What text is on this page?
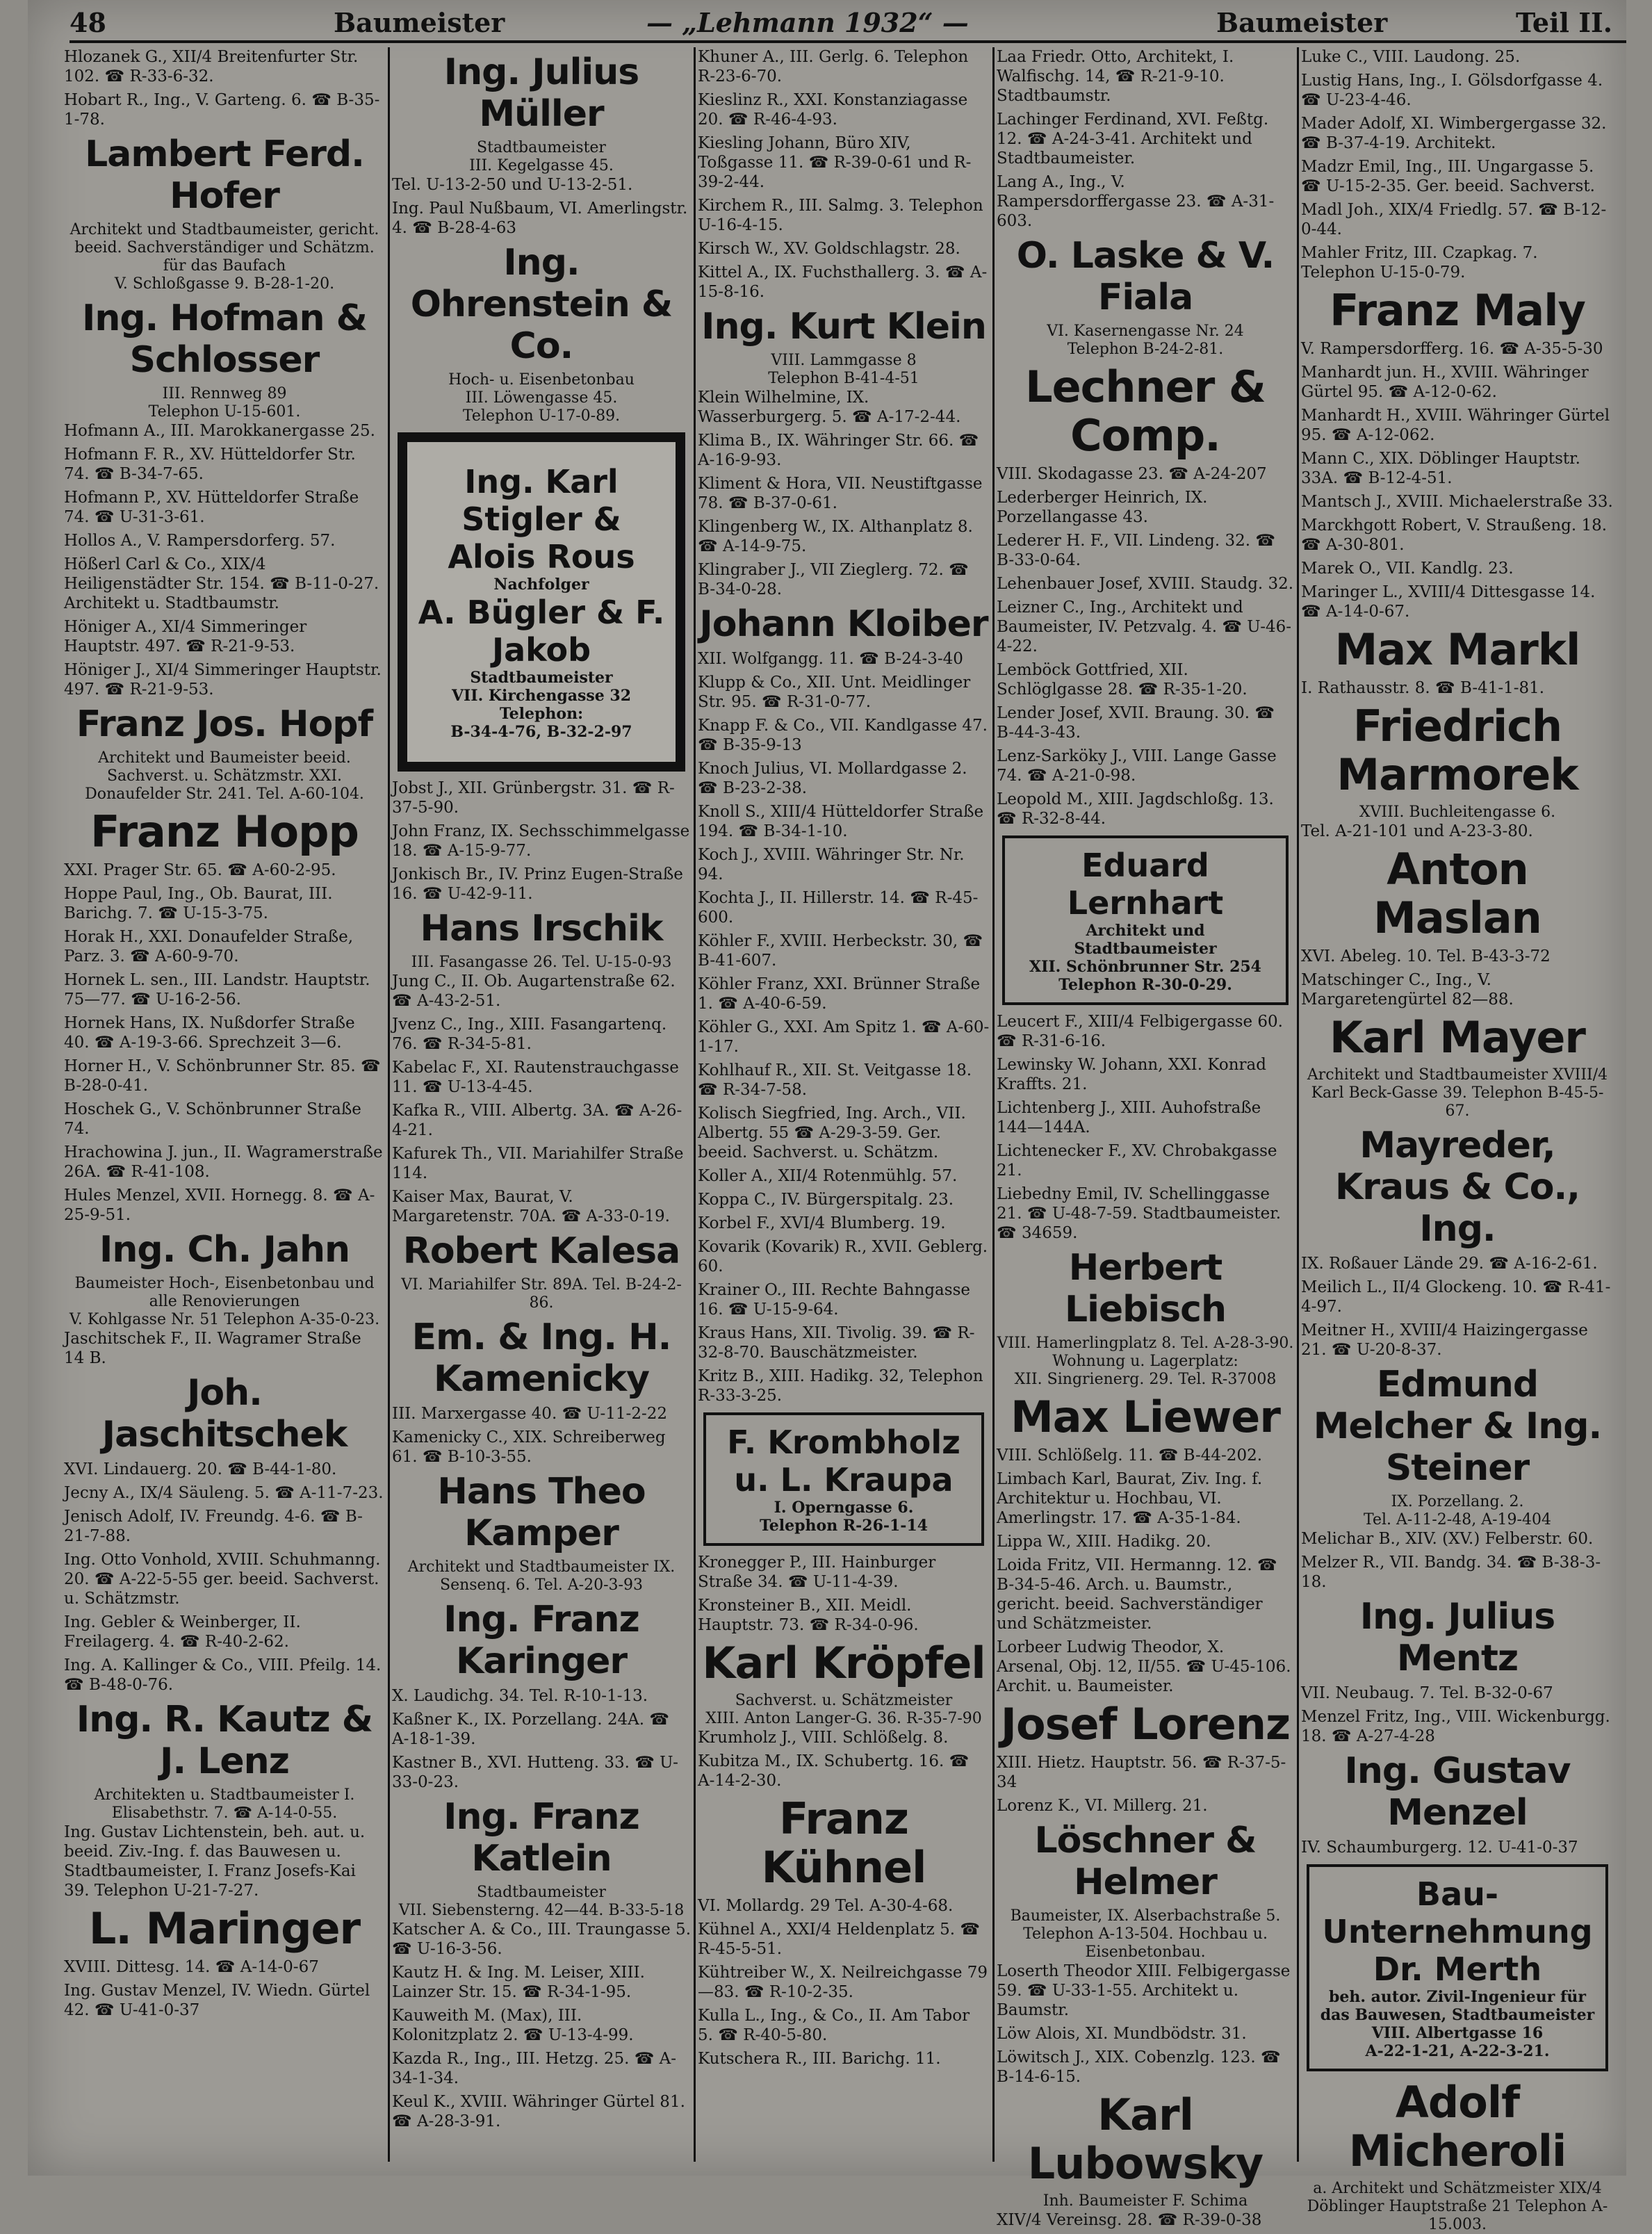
48	Baumeister	— „Lehmann 1932“ —	Baumeister	Teil II.
Hlozanek G., XII/4 Breitenfurter Str. 102. ☎ R-33-6-32.
Hobart R., Ing., V. Garteng. 6. ☎ B-35-1-78.
Lambert Ferd. Hofer
Architekt und Stadtbaumeister, gericht. beeid. Sachverständiger und Schätzm. für das Baufach
V. Schloßgasse 9. B-28-1-20.
Ing. Hofman & Schlosser
III. Rennweg 89
Telephon U-15-601.
Hofmann A., III. Marokkanergasse 25.
Hofmann F. R., XV. Hütteldorfer Str. 74. ☎ B-34-7-65.
Hofmann P., XV. Hütteldorfer Straße 74. ☎ U-31-3-61.
Hollos A., V. Rampersdorferg. 57.
Hößerl Carl & Co., XIX/4 Heiligenstädter Str. 154. ☎ B-11-0-27. Architekt u. Stadtbaumstr.
Höniger A., XI/4 Simmeringer Hauptstr. 497. ☎ R-21-9-53.
Höniger J., XI/4 Simmeringer Hauptstr. 497. ☎ R-21-9-53.
Franz Jos. Hopf
Architekt und Baumeister beeid. Sachverst. u. Schätzmstr. XXI. Donaufelder Str. 241. Tel. A-60-104.
Franz Hopp
XXI. Prager Str. 65. ☎ A-60-2-95.
Hoppe Paul, Ing., Ob. Baurat, III. Barichg. 7. ☎ U-15-3-75.
Horak H., XXI. Donaufelder Straße, Parz. 3. ☎ A-60-9-70.
Hornek L. sen., III. Landstr. Hauptstr. 75—77. ☎ U-16-2-56.
Hornek Hans, IX. Nußdorfer Straße 40. ☎ A-19-3-66. Sprechzeit 3—6.
Horner H., V. Schönbrunner Str. 85. ☎ B-28-0-41.
Hoschek G., V. Schönbrunner Straße 74.
Hrachowina J. jun., II. Wagramerstraße 26A. ☎ R-41-108.
Hules Menzel, XVII. Hornegg. 8. ☎ A-25-9-51.
Ing. Ch. Jahn
Baumeister Hoch-, Eisenbetonbau und alle Renovierungen
V. Kohlgasse Nr. 51 Telephon A-35-0-23.
Jaschitschek F., II. Wagramer Straße 14 B.
Joh. Jaschitschek
XVI. Lindauerg. 20. ☎ B-44-1-80.
Jecny A., IX/4 Säuleng. 5. ☎ A-11-7-23.
Jenisch Adolf, IV. Freundg. 4-6. ☎ B-21-7-88.
Ing. Otto Vonhold, XVIII. Schuhmanng. 20. ☎ A-22-5-55 ger. beeid. Sachverst. u. Schätzmstr.
Ing. Gebler & Weinberger, II. Freilagerg. 4. ☎ R-40-2-62.
Ing. A. Kallinger & Co., VIII. Pfeilg. 14. ☎ B-48-0-76.
Ing. R. Kautz & J. Lenz
Architekten u. Stadtbaumeister I. Elisabethstr. 7. ☎ A-14-0-55.
Ing. Gustav Lichtenstein, beh. aut. u. beeid. Ziv.-Ing. f. das Bauwesen u. Stadtbaumeister, I. Franz Josefs-Kai 39. Telephon U-21-7-27.
L. Maringer
XVIII. Dittesg. 14. ☎ A-14-0-67
Ing. Gustav Menzel, IV. Wiedn. Gürtel 42. ☎ U-41-0-37
Ing. Julius Müller
Stadtbaumeister
III. Kegelgasse 45.
Tel. U-13-2-50 und U-13-2-51.
Ing. Paul Nußbaum, VI. Amerlingstr. 4. ☎ B-28-4-63
Ing. Ohrenstein & Co.
Hoch- u. Eisenbetonbau
III. Löwengasse 45.
Telephon U-17-0-89.
Ing. Karl Stigler & Alois Rous
Nachfolger
A. Bügler & F. Jakob
Stadtbaumeister
VII. Kirchengasse 32
Telephon:
B-34-4-76, B-32-2-97
Jobst J., XII. Grünbergstr. 31. ☎ R-37-5-90.
John Franz, IX. Sechsschimmelgasse 18. ☎ A-15-9-77.
Jonkisch Br., IV. Prinz Eugen-Straße 16. ☎ U-42-9-11.
Hans Irschik
III. Fasangasse 26. Tel. U-15-0-93
Jung C., II. Ob. Augartenstraße 62. ☎ A-43-2-51.
Jvenz C., Ing., XIII. Fasangartenq. 76. ☎ R-34-5-81.
Kabelac F., XI. Rautenstrauchgasse 11. ☎ U-13-4-45.
Kafka R., VIII. Albertg. 3A. ☎ A-26-4-21.
Kafurek Th., VII. Mariahilfer Straße 114.
Kaiser Max, Baurat, V. Margaretenstr. 70A. ☎ A-33-0-19.
Robert Kalesa
VI. Mariahilfer Str. 89A. Tel. B-24-2-86.
Em. & Ing. H. Kamenicky
III. Marxergasse 40. ☎ U-11-2-22
Kamenicky C., XIX. Schreiberweg 61. ☎ B-10-3-55.
Hans Theo Kamper
Architekt und Stadtbaumeister IX. Sensenq. 6. Tel. A-20-3-93
Ing. Franz Karinger
X. Laudichg. 34. Tel. R-10-1-13.
Kaßner K., IX. Porzellang. 24A. ☎ A-18-1-39.
Kastner B., XVI. Hutteng. 33. ☎ U-33-0-23.
Ing. Franz Katlein
Stadtbaumeister
VII. Siebensterng. 42—44. B-33-5-18
Katscher A. & Co., III. Traungasse 5. ☎ U-16-3-56.
Kautz H. & Ing. M. Leiser, XIII. Lainzer Str. 15. ☎ R-34-1-95.
Kauweith M. (Max), III. Kolonitzplatz 2. ☎ U-13-4-99.
Kazda R., Ing., III. Hetzg. 25. ☎ A-34-1-34.
Keul K., XVIII. Währinger Gürtel 81. ☎ A-28-3-91.
Khuner A., III. Gerlg. 6. Telephon R-23-6-70.
Kieslinz R., XXI. Konstanziagasse 20. ☎ R-46-4-93.
Kiesling Johann, Büro XIV, Toßgasse 11. ☎ R-39-0-61 und R-39-2-44.
Kirchem R., III. Salmg. 3. Telephon U-16-4-15.
Kirsch W., XV. Goldschlagstr. 28.
Kittel A., IX. Fuchsthallerg. 3. ☎ A-15-8-16.
Ing. Kurt Klein
VIII. Lammgasse 8
Telephon B-41-4-51
Klein Wilhelmine, IX. Wasserburgerg. 5. ☎ A-17-2-44.
Klima B., IX. Währinger Str. 66. ☎ A-16-9-93.
Kliment & Hora, VII. Neustiftgasse 78. ☎ B-37-0-61.
Klingenberg W., IX. Althanplatz 8. ☎ A-14-9-75.
Klingraber J., VII Zieglerg. 72. ☎ B-34-0-28.
Johann Kloiber
XII. Wolfgangg. 11. ☎ B-24-3-40
Klupp & Co., XII. Unt. Meidlinger Str. 95. ☎ R-31-0-77.
Knapp F. & Co., VII. Kandlgasse 47. ☎ B-35-9-13
Knoch Julius, VI. Mollardgasse 2. ☎ B-23-2-38.
Knoll S., XIII/4 Hütteldorfer Straße 194. ☎ B-34-1-10.
Koch J., XVIII. Währinger Str. Nr. 94.
Kochta J., II. Hillerstr. 14. ☎ R-45-600.
Köhler F., XVIII. Herbeckstr. 30, ☎ B-41-607.
Köhler Franz, XXI. Brünner Straße 1. ☎ A-40-6-59.
Köhler G., XXI. Am Spitz 1. ☎ A-60-1-17.
Kohlhauf R., XII. St. Veitgasse 18. ☎ R-34-7-58.
Kolisch Siegfried, Ing. Arch., VII. Albertg. 55 ☎ A-29-3-59. Ger. beeid. Sachverst. u. Schätzm.
Koller A., XII/4 Rotenmühlg. 57.
Koppa C., IV. Bürgerspitalg. 23.
Korbel F., XVI/4 Blumberg. 19.
Kovarik (Kovarik) R., XVII. Geblerg. 60.
Krainer O., III. Rechte Bahngasse 16. ☎ U-15-9-64.
Kraus Hans, XII. Tivolig. 39. ☎ R-32-8-70. Bauschätzmeister.
Kritz B., XIII. Hadikg. 32, Telephon R-33-3-25.
F. Krombholz u. L. Kraupa
I. Operngasse 6.
Telephon R-26-1-14
Kronegger P., III. Hainburger Straße 34. ☎ U-11-4-39.
Kronsteiner B., XII. Meidl. Hauptstr. 73. ☎ R-34-0-96.
Karl Kröpfel
Sachverst. u. Schätzmeister
XIII. Anton Langer-G. 36. R-35-7-90
Krumholz J., VIII. Schlößelg. 8.
Kubitza M., IX. Schubertg. 16. ☎ A-14-2-30.
Franz Kühnel
VI. Mollardg. 29 Tel. A-30-4-68.
Kühnel A., XXI/4 Heldenplatz 5. ☎ R-45-5-51.
Kühtreiber W., X. Neilreichgasse 79—83. ☎ R-10-2-35.
Kulla L., Ing., & Co., II. Am Tabor 5. ☎ R-40-5-80.
Kutschera R., III. Barichg. 11.
Laa Friedr. Otto, Architekt, I. Walfischg. 14, ☎ R-21-9-10. Stadtbaumstr.
Lachinger Ferdinand, XVI. Feßtg. 12. ☎ A-24-3-41. Architekt und Stadtbaumeister.
Lang A., Ing., V. Rampersdorffergasse 23. ☎ A-31-603.
O. Laske & V. Fiala
VI. Kasernengasse Nr. 24
Telephon B-24-2-81.
Lechner & Comp.
VIII. Skodagasse 23. ☎ A-24-207
Lederberger Heinrich, IX. Porzellangasse 43.
Lederer H. F., VII. Lindeng. 32. ☎ B-33-0-64.
Lehenbauer Josef, XVIII. Staudg. 32.
Leizner C., Ing., Architekt und Baumeister, IV. Petzvalg. 4. ☎ U-46-4-22.
Lemböck Gottfried, XII. Schlöglgasse 28. ☎ R-35-1-20.
Lender Josef, XVII. Braung. 30. ☎ B-44-3-43.
Lenz-Sarköky J., VIII. Lange Gasse 74. ☎ A-21-0-98.
Leopold M., XIII. Jagdschloßg. 13. ☎ R-32-8-44.
Eduard Lernhart
Architekt und Stadtbaumeister
XII. Schönbrunner Str. 254
Telephon R-30-0-29.
Leucert F., XIII/4 Felbigergasse 60. ☎ R-31-6-16.
Lewinsky W. Johann, XXI. Konrad Kraffts. 21.
Lichtenberg J., XIII. Auhofstraße 144—144A.
Lichtenecker F., XV. Chrobakgasse 21.
Liebedny Emil, IV. Schellinggasse 21. ☎ U-48-7-59. Stadtbaumeister. ☎ 34659.
Herbert Liebisch
VIII. Hamerlingplatz 8. Tel. A-28-3-90. Wohnung u. Lagerplatz:
XII. Singrienerg. 29. Tel. R-37008
Max Liewer
VIII. Schlößelg. 11. ☎ B-44-202.
Limbach Karl, Baurat, Ziv. Ing. f. Architektur u. Hochbau, VI. Amerlingstr. 17. ☎ A-35-1-84.
Lippa W., XIII. Hadikg. 20.
Loida Fritz, VII. Hermanng. 12. ☎ B-34-5-46. Arch. u. Baumstr., gericht. beeid. Sachverständiger und Schätzmeister.
Lorbeer Ludwig Theodor, X. Arsenal, Obj. 12, II/55. ☎ U-45-106. Archit. u. Baumeister.
Josef Lorenz
XIII. Hietz. Hauptstr. 56. ☎ R-37-5-34
Lorenz K., VI. Millerg. 21.
Löschner & Helmer
Baumeister, IX. Alserbachstraße 5. Telephon A-13-504. Hochbau u. Eisenbetonbau.
Loserth Theodor XIII. Felbigergasse 59. ☎ U-33-1-55. Architekt u. Baumstr.
Löw Alois, XI. Mundbödstr. 31.
Löwitsch J., XIX. Cobenzlg. 123. ☎ B-14-6-15.
Karl Lubowsky
Inh. Baumeister F. Schima
XIV/4 Vereinsg. 28. ☎ R-39-0-38
Luke C., VIII. Laudong. 25.
Lustig Hans, Ing., I. Gölsdorfgasse 4. ☎ U-23-4-46.
Mader Adolf, XI. Wimbergergasse 32. ☎ B-37-4-19. Architekt.
Madzr Emil, Ing., III. Ungargasse 5. ☎ U-15-2-35. Ger. beeid. Sachverst.
Madl Joh., XIX/4 Friedlg. 57. ☎ B-12-0-44.
Mahler Fritz, III. Czapkag. 7. Telephon U-15-0-79.
Franz Maly
V. Rampersdorfferg. 16. ☎ A-35-5-30
Manhardt jun. H., XVIII. Währinger Gürtel 95. ☎ A-12-0-62.
Manhardt H., XVIII. Währinger Gürtel 95. ☎ A-12-062.
Mann C., XIX. Döblinger Hauptstr. 33A. ☎ B-12-4-51.
Mantsch J., XVIII. Michaelerstraße 33.
Marckhgott Robert, V. Straußeng. 18. ☎ A-30-801.
Marek O., VII. Kandlg. 23.
Maringer L., XVIII/4 Dittesgasse 14. ☎ A-14-0-67.
Max Markl
I. Rathausstr. 8. ☎ B-41-1-81.
Friedrich Marmorek
XVIII. Buchleitengasse 6.
Tel. A-21-101 und A-23-3-80.
Anton Maslan
XVI. Abeleg. 10. Tel. B-43-3-72
Matschinger C., Ing., V. Margaretengürtel 82—88.
Karl Mayer
Architekt und Stadtbaumeister XVIII/4 Karl Beck-Gasse 39. Telephon B-45-5-67.
Mayreder, Kraus & Co., Ing.
IX. Roßauer Lände 29. ☎ A-16-2-61.
Meilich L., II/4 Glockeng. 10. ☎ R-41-4-97.
Meitner H., XVIII/4 Haizingergasse 21. ☎ U-20-8-37.
Edmund Melcher & Ing. Steiner
IX. Porzellang. 2.
Tel. A-11-2-48, A-19-404
Melichar B., XIV. (XV.) Felberstr. 60.
Melzer R., VII. Bandg. 34. ☎ B-38-3-18.
Ing. Julius Mentz
VII. Neubaug. 7. Tel. B-32-0-67
Menzel Fritz, Ing., VIII. Wickenburgg. 18. ☎ A-27-4-28
Ing. Gustav Menzel
IV. Schaumburgerg. 12. U-41-0-37
Bau-Unternehmung
Dr. Merth
beh. autor. Zivil-Ingenieur für das Bauwesen, Stadtbaumeister
VIII. Albertgasse 16
A-22-1-21, A-22-3-21.
Adolf Micheroli
a. Architekt und Schätzmeister XIX/4 Döblinger Hauptstraße 21 Telephon A-15.003.
